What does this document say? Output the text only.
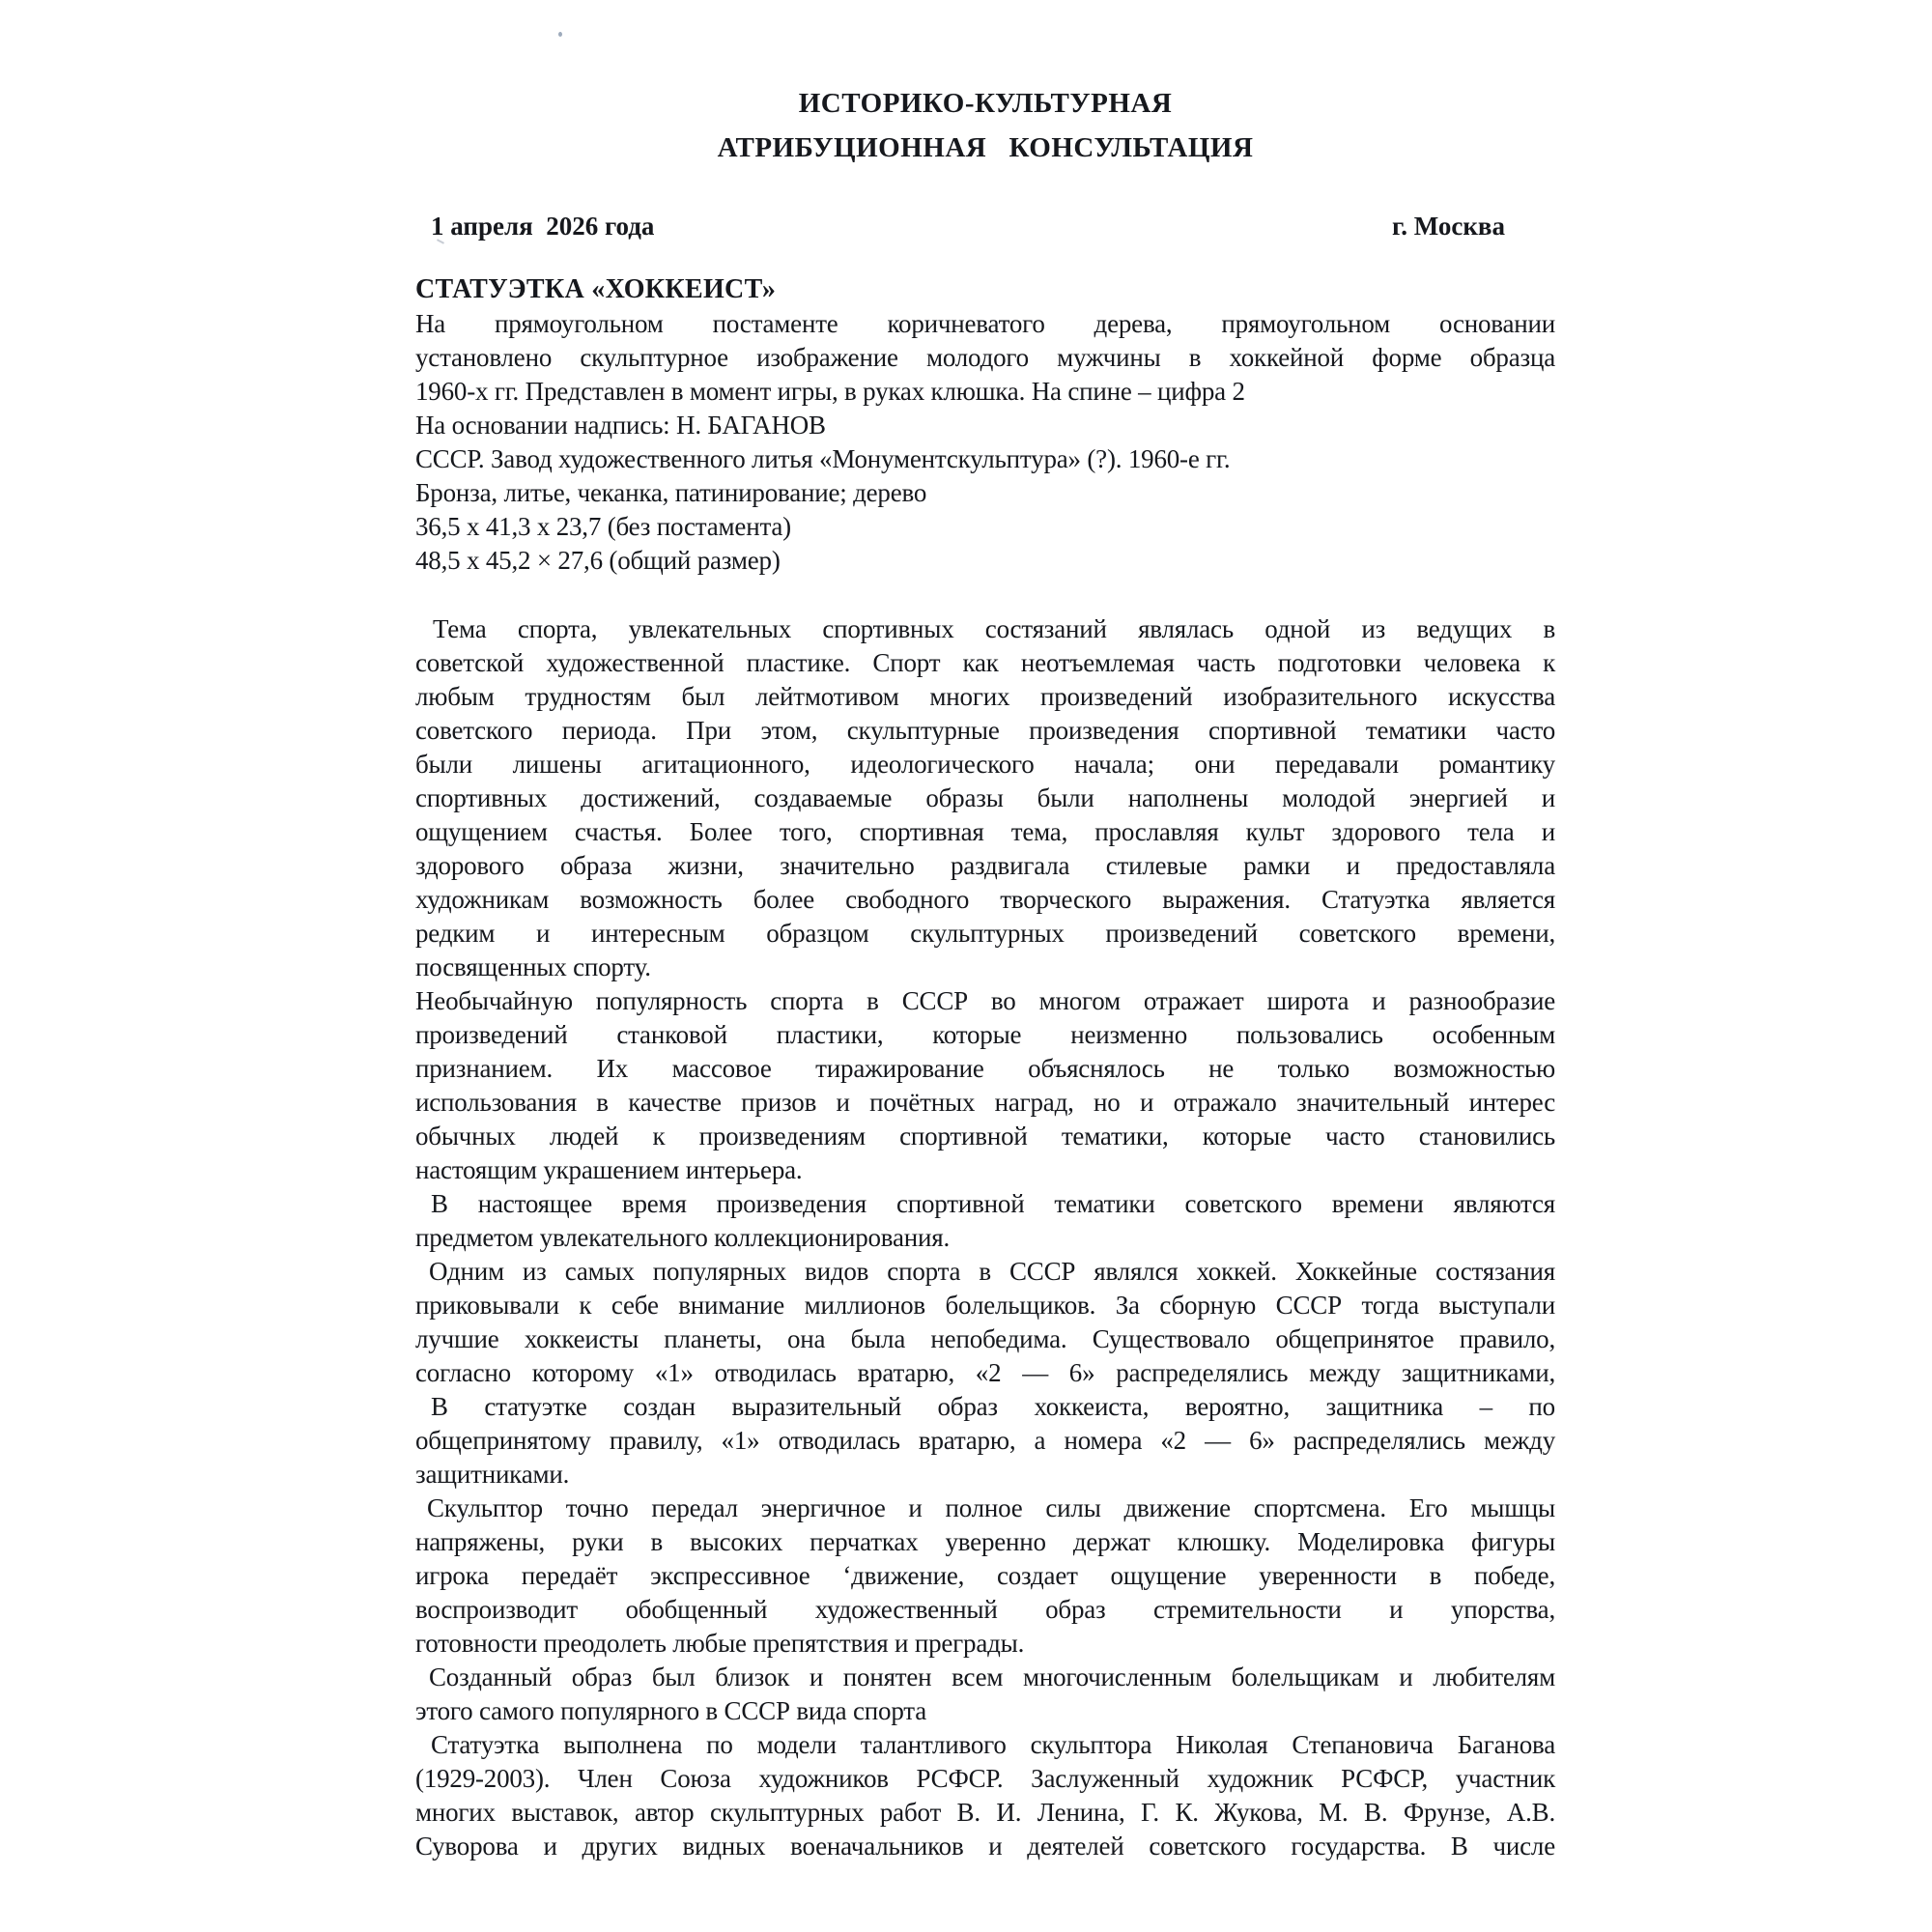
ИСТОРИКО-КУЛЬТУРНАЯ
АТРИБУЦИОННАЯ   КОНСУЛЬТАЦИЯ
1 апреля  2026 года	г. Москва
СТАТУЭТКА «ХОККЕИСТ»
На прямоугольном постаменте коричневатого дерева, прямоугольном основании
установлено скульптурное изображение молодого мужчины в хоккейной форме образца
1960-х гг. Представлен в момент игры, в руках клюшка. На спине – цифра 2
На основании надпись: Н. БАГАНОВ
СССР. Завод художественного литья «Монументскульптура» (?). 1960-е гг.
Бронза, литье, чеканка, патинирование; дерево
36,5 х 41,3 х 23,7 (без постамента)
48,5 х 45,2 × 27,6 (общий размер)
Тема спорта, увлекательных спортивных состязаний являлась одной из ведущих в
советской художественной пластике. Спорт как неотъемлемая часть подготовки человека к
любым трудностям был лейтмотивом многих произведений изобразительного искусства
советского периода. При этом, скульптурные произведения спортивной тематики часто
были лишены агитационного, идеологического начала; они передавали романтику
спортивных достижений, создаваемые образы были наполнены молодой энергией и
ощущением счастья. Более того, спортивная тема, прославляя культ здорового тела и
здорового образа жизни, значительно раздвигала стилевые рамки и предоставляла
художникам возможность более свободного творческого выражения. Статуэтка является
редким и интересным образцом скульптурных произведений советского времени,
посвященных спорту.
Необычайную популярность спорта в СССР во многом отражает широта и разнообразие
произведений станковой пластики, которые неизменно пользовались особенным
признанием. Их массовое тиражирование объяснялось не только возможностью
использования в качестве призов и почётных наград, но и отражало значительный интерес
обычных людей к произведениям спортивной тематики, которые часто становились
настоящим украшением интерьера.
В настоящее время произведения спортивной тематики советского времени являются
предметом увлекательного коллекционирования.
Одним из самых популярных видов спорта в СССР являлся хоккей. Хоккейные состязания
приковывали к себе внимание миллионов болельщиков. За сборную СССР тогда выступали
лучшие хоккеисты планеты, она была непобедима. Существовало общепринятое правило,
согласно которому «1» отводилась вратарю, «2 — 6» распределялись между защитниками,
В статуэтке создан выразительный образ хоккеиста, вероятно, защитника – по
общепринятому правилу, «1» отводилась вратарю, а номера «2 — 6» распределялись между
защитниками.
Скульптор точно передал энергичное и полное силы движение спортсмена. Его мышцы
напряжены, руки в высоких перчатках уверенно держат клюшку. Моделировка фигуры
игрока передаёт экспрессивное ‘движение, создает ощущение уверенности в победе,
воспроизводит обобщенный художественный образ стремительности и упорства,
готовности преодолеть любые препятствия и преграды.
Созданный образ был близок и понятен всем многочисленным болельщикам и любителям
этого самого популярного в СССР вида спорта
Статуэтка выполнена по модели талантливого скульптора Николая Степановича Баганова
(1929-2003). Член Союза художников РСФСР. Заслуженный художник РСФСР, участник
многих выставок, автор скульптурных работ В. И. Ленина, Г. К. Жукова, М. В. Фрунзе, А.В.
Суворова и других видных военачальников и деятелей советского государства. В числе
